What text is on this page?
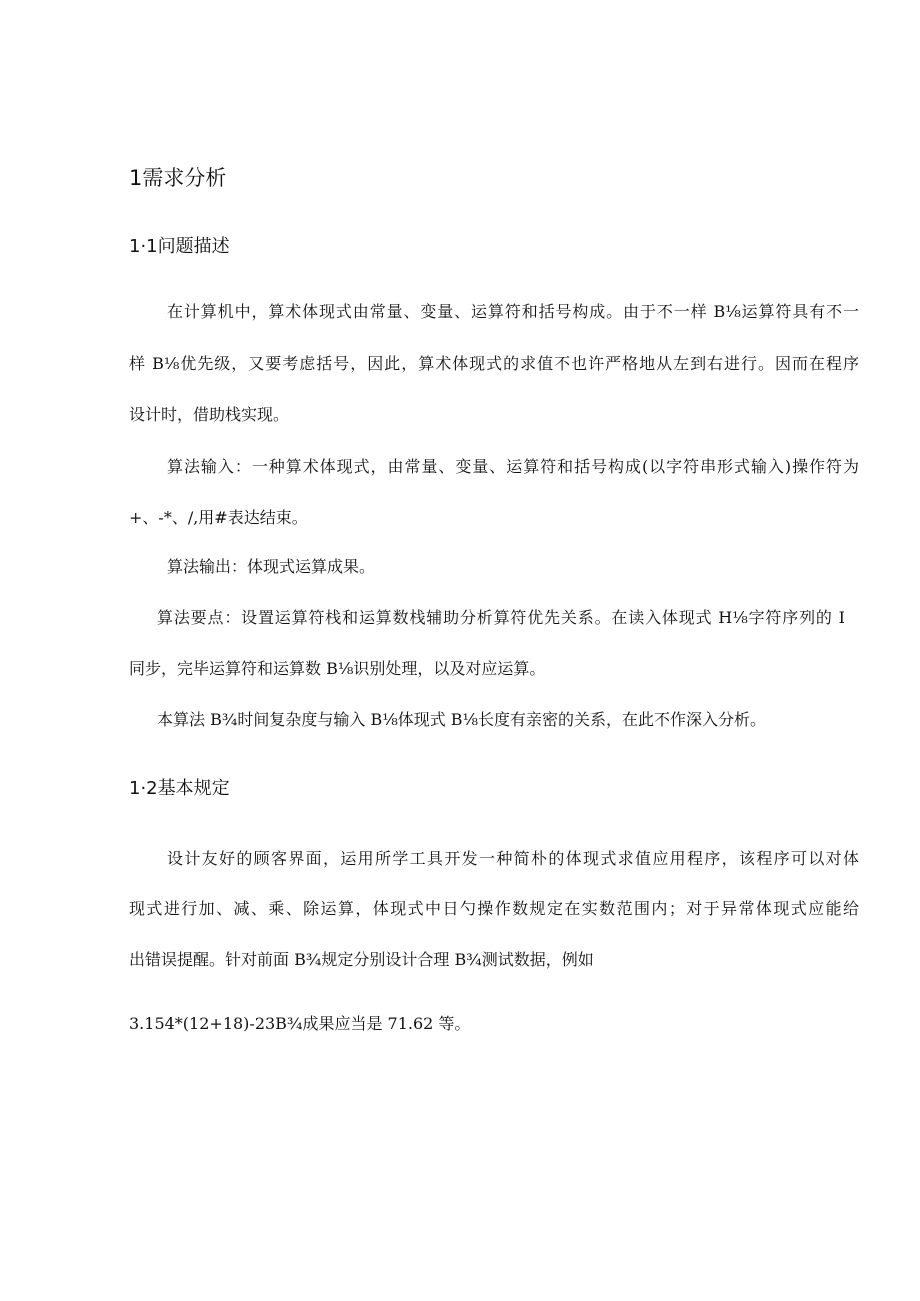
1需求分析
1·1问题描述
在计算机中，算术体现式由常量、变量、运算符和括号构成。由于不一样 B⅛运算符具有不一
样 B⅛优先级，又要考虑括号，因此，算术体现式的求值不也许严格地从左到右进行。因而在程序
设计时，借助栈实现。
算法输入：一种算术体现式，由常量、变量、运算符和括号构成(以字符串形式输入)操作符为
+、-*、/,用#表达结束。
算法输出：体现式运算成果。
算法要点：设置运算符栈和运算数栈辅助分析算符优先关系。在读入体现式 H⅛字符序列的 I
同步，完毕运算符和运算数 B⅛识别处理，以及对应运算。
本算法 B¾时间复杂度与输入 B⅛体现式 B⅛长度有亲密的关系，在此不作深入分析。
1·2基本规定
设计友好的顾客界面，运用所学工具开发一种简朴的体现式求值应用程序，该程序可以对体
现式进行加、减、乘、除运算，体现式中日勺操作数规定在实数范围内；对于异常体现式应能给
出错误提醒。针对前面 B¾规定分别设计合理 B¾测试数据，例如
3.154*(12+18)-23B¾成果应当是 71.62 等。
